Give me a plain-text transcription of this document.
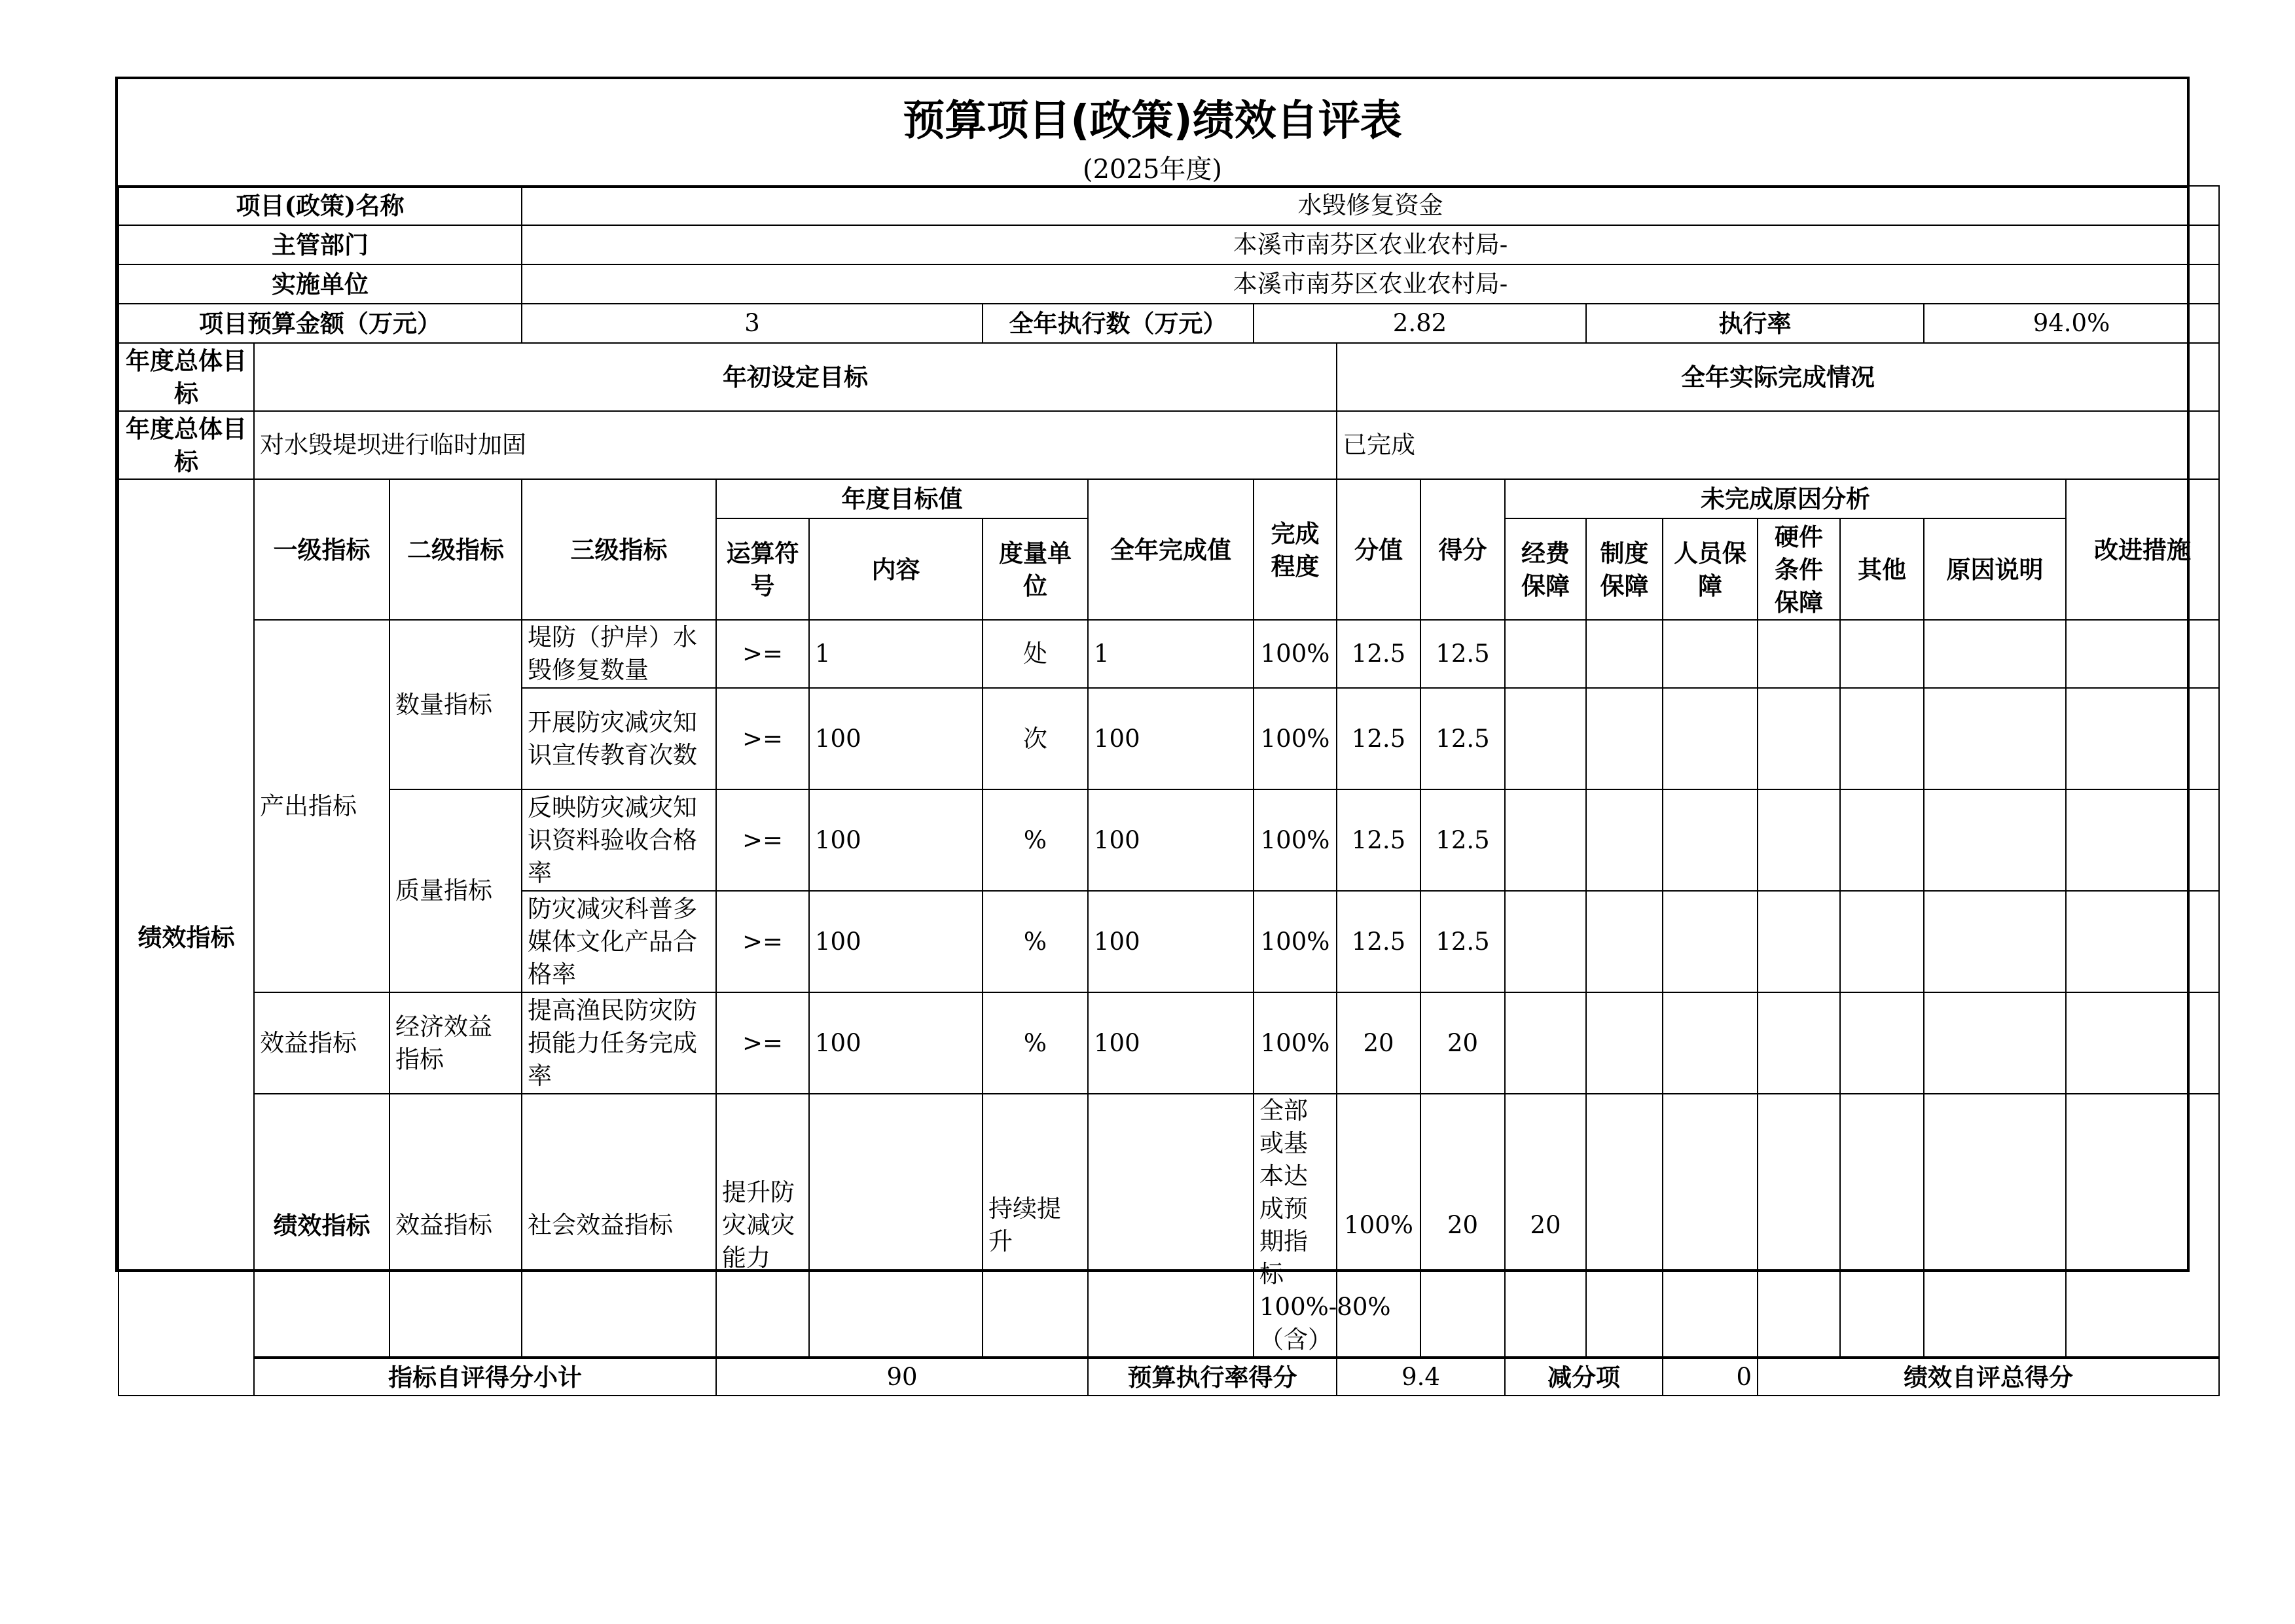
预算项目(政策)绩效自评表
(2025年度)
项目(政策)名称			水毁修复资金															
主管部门			本溪市南芬区农业农村局-															
实施单位			本溪市南芬区农业农村局-															
项目预算金额（万元）			3			全年执行数（万元）		2.82				执行率				94.0%		
年度总体目标	年初设定目标								全年实际完成情况									
年度总体目标	对水毁堤坝进行临时加固								已完成									
绩效指标	一级指标	二级指标	三级指标	年度目标值			全年完成值	完成程度	分值	得分	未完成原因分析						改进措施	
				运算符号	内容	度量单位					经费保障	制度保障	人员保障	硬件条件保障	其他	原因说明		
	产出指标	数量指标	堤防（护岸）水毁修复数量	>=	1	处	1	100%	12.5	12.5								
			开展防灾减灾知识宣传教育次数	>=	100	次	100	100%	12.5	12.5								
		质量指标	反映防灾减灾知识资料验收合格率	>=	100	%	100	100%	12.5	12.5								
			防灾减灾科普多媒体文化产品合格率	>=	100	%	100	100%	12.5	12.5								
	效益指标	经济效益指标	提高渔民防灾防损能力任务完成率	>=	100	%	100	100%	20	20								
	绩效指标	效益指标	社会效益指标	提升防灾减灾能力		持续提升		全部或基本达成预期指标100%-80%（含）	100%	20	20							
	指标自评得分小计			90			预算执行率得分		9.4		减分项		0	绩效自评总得分	
